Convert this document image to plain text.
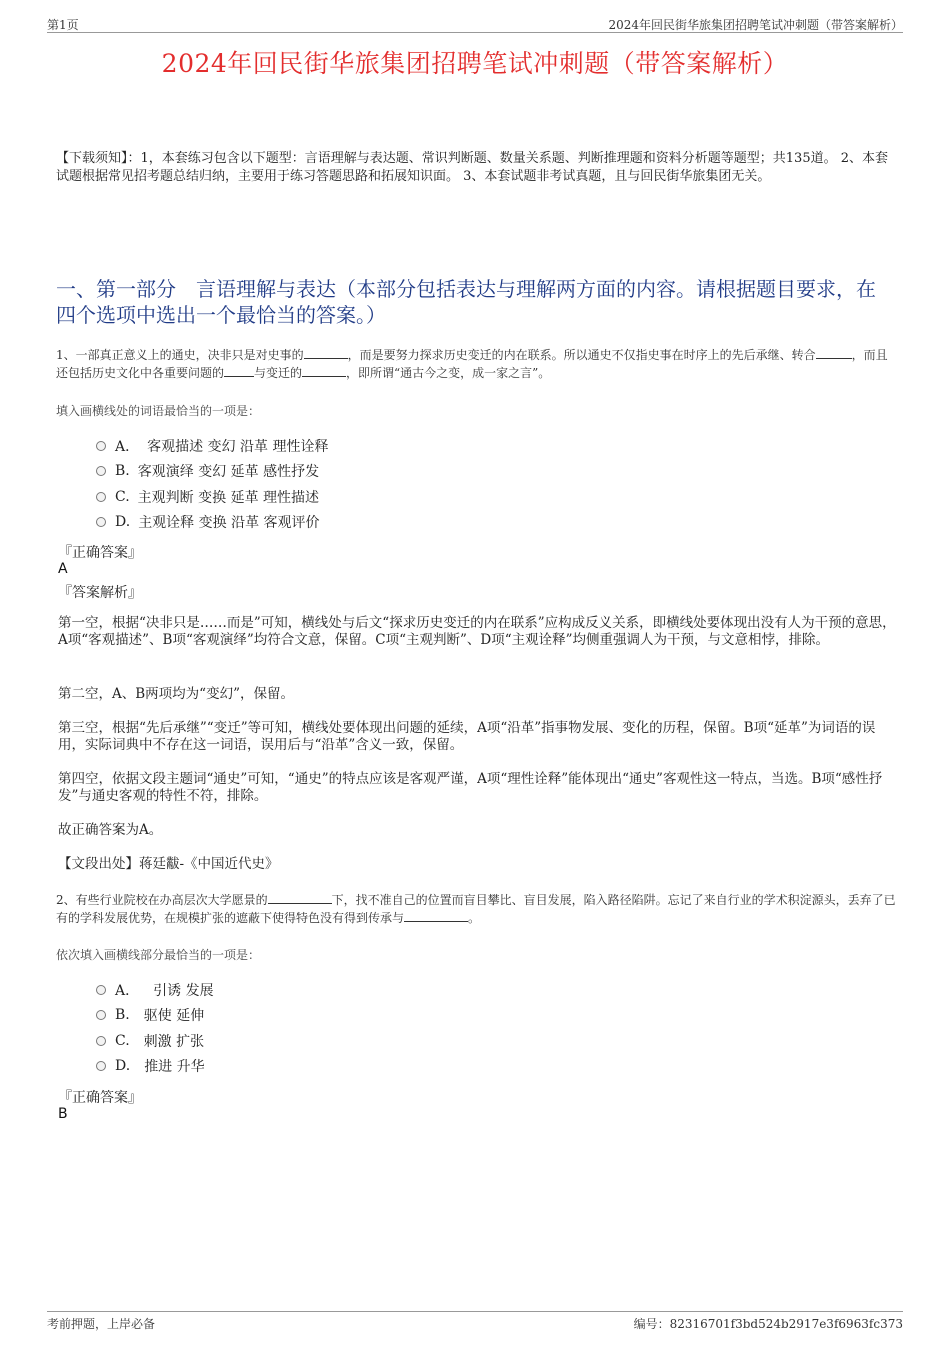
第1页	2024年回民街华旅集团招聘笔试冲刺题（带答案解析）
2024年回民街华旅集团招聘笔试冲刺题（带答案解析）
【下载须知】：1，本套练习包含以下题型：言语理解与表达题、常识判断题、数量关系题、判断推理题和资料分析题等题型；共135道。 2、本套试题根据常见招考题总结归纳，主要用于练习答题思路和拓展知识面。 3、本套试题非考试真题，且与回民街华旅集团无关。
一、第一部分　言语理解与表达（本部分包括表达与理解两方面的内容。请根据题目要求，在四个选项中选出一个最恰当的答案。）
1、一部真正意义上的通史，决非只是对史事的	，而是要努力探求历史变迁的内在联系。所以通史不仅指史事在时序上的先后承继、转合	，而且还包括历史文化中各重要问题的	与变迁的	，即所谓“通古今之变，成一家之言”。
填入画横线处的词语最恰当的一项是：
A． 客观描述 变幻 沿革 理性诠释
B. 客观演绎 变幻 延革 感性抒发
C. 主观判断 变换 延革 理性描述
D. 主观诠释 变换 沿革 客观评价
『正确答案』
A
『答案解析』
第一空，根据“决非只是……而是”可知，横线处与后文“探求历史变迁的内在联系”应构成反义关系，即横线处要体现出没有人为干预的意思，A项“客观描述”、B项“客观演绎”均符合文意，保留。C项“主观判断”、D项“主观诠释”均侧重强调人为干预，与文意相悖，排除。
第二空，A、B两项均为“变幻”，保留。
第三空，根据“先后承继”“变迁”等可知，横线处要体现出问题的延续，A项“沿革”指事物发展、变化的历程，保留。B项“延革”为词语的误用，实际词典中不存在这一词语，误用后与“沿革”含义一致，保留。
第四空，依据文段主题词“通史”可知，“通史”的特点应该是客观严谨，A项“理性诠释”能体现出“通史”客观性这一特点，当选。B项“感性抒发”与通史客观的特性不符，排除。
故正确答案为A。
【文段出处】蒋廷黻-《中国近代史》
2、有些行业院校在办高层次大学愿景的	下，找不准自己的位置而盲目攀比、盲目发展，陷入路径陷阱。忘记了来自行业的学术积淀源头，丢弃了已有的学科发展优势，在规模扩张的遮蔽下使得特色没有得到传承与	。
依次填入画横线部分最恰当的一项是：
A． 引诱 发展
B. 驱使 延伸
C. 刺激 扩张
D. 推进 升华
『正确答案』
B
考前押题，上岸必备	编号：82316701f3bd524b2917e3f6963fc373
